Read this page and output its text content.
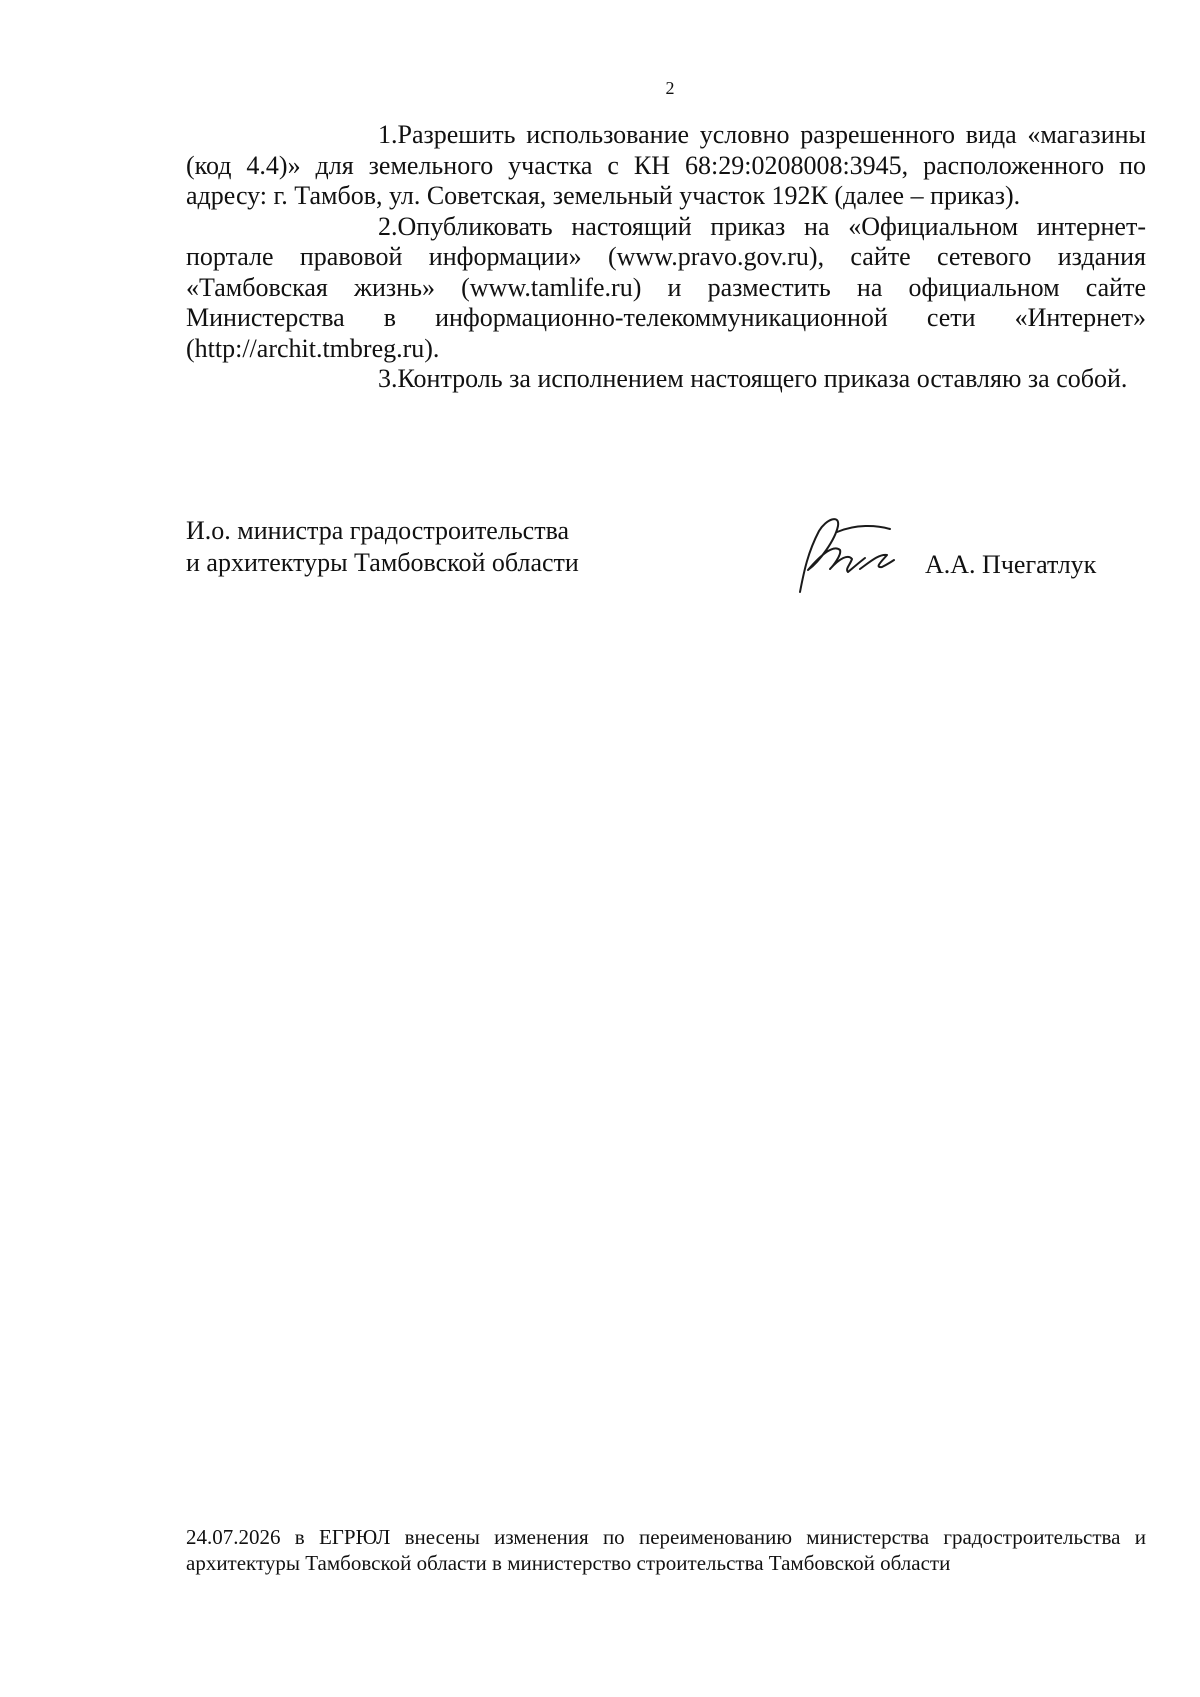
2

1.Разрешить использование условно разрешенного вида «магазины (код 4.4)» для земельного участка с КН 68:29:0208008:3945, расположенного по адресу: г. Тамбов, ул. Советская, земельный участок 192К (далее – приказ).

2.Опубликовать настоящий приказ на «Официальном интернет-портале правовой информации» (www.pravo.gov.ru), сайте сетевого издания «Тамбовская жизнь» (www.tamlife.ru) и разместить на официальном сайте Министерства в информационно-телекоммуникационной сети «Интернет» (http://archit.tmbreg.ru).

3.Контроль за исполнением настоящего приказа оставляю за собой.

И.о. министра градостроительства
и архитектуры Тамбовской области	А.А. Пчегатлук
24.07.2026 в ЕГРЮЛ внесены изменения по переименованию министерства градостроительства и архитектуры Тамбовской области в министерство строительства Тамбовской области
